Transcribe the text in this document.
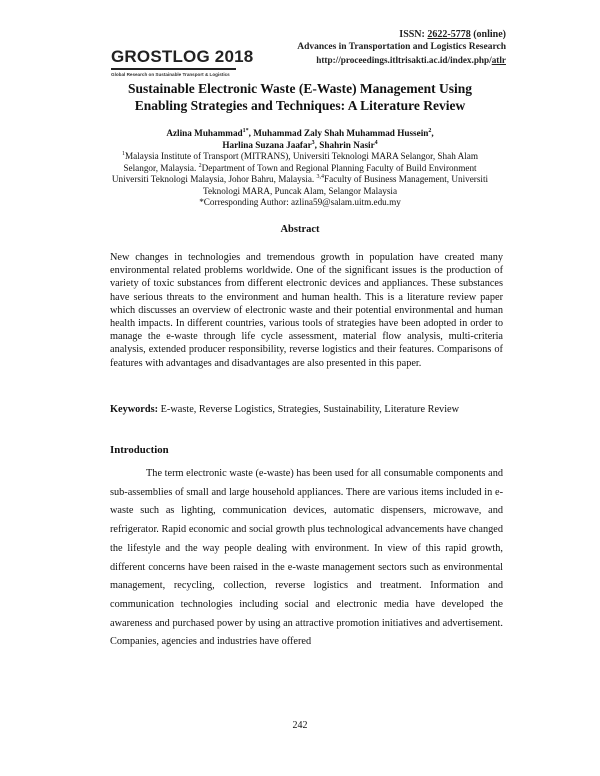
GROSTLOG 2018
Global Research on Sustainable Transport & Logistics
ISSN: 2622-5778 (online)
Advances in Transportation and Logistics Research
http://proceedings.itltrisakti.ac.id/index.php/atlr
Sustainable Electronic Waste (E-Waste) Management Using Enabling Strategies and Techniques: A Literature Review
Azlina Muhammad$^{1*}$, Muhammad Zaly Shah Muhammad Hussein$^2$,
Harlina Suzana Jaafar$^3$, Shahrin Nasir$^4$
$^1$Malaysia Institute of Transport (MITRANS), Universiti Teknologi MARA Selangor, Shah Alam Selangor, Malaysia. $^2$Department of Town and Regional Planning Faculty of Build Environment Universiti Teknologi Malaysia, Johor Bahru, Malaysia. $^{3,4}$Faculty of Business Management, Universiti Teknologi MARA, Puncak Alam, Selangor Malaysia
*Corresponding Author: azlina59@salam.uitm.edu.my
Abstract
New changes in technologies and tremendous growth in population have created many environmental related problems worldwide. One of the significant issues is the production of variety of toxic substances from different electronic devices and appliances. These substances have serious threats to the environment and human health. This is a literature review paper which discusses an overview of electronic waste and their potential environmental and human health impacts. In different countries, various tools of strategies have been adopted in order to manage the e-waste through life cycle assessment, material flow analysis, multi-criteria analysis, extended producer responsibility, reverse logistics and their features. Comparisons of features with advantages and disadvantages are also presented in this paper.
Keywords: E-waste, Reverse Logistics, Strategies, Sustainability, Literature Review
Introduction
The term electronic waste (e-waste) has been used for all consumable components and sub-assemblies of small and large household appliances. There are various items included in e-waste such as lighting, communication devices, automatic dispensers, microwave, and refrigerator. Rapid economic and social growth plus technological advancements have changed the lifestyle and the way people dealing with environment. In view of this rapid growth, different concerns have been raised in the e-waste management sectors such as environmental management, recycling, collection, reverse logistics and treatment. Information and communication technologies including social and electronic media have developed the awareness and purchased power by using an attractive promotion initiatives and advertisement. Companies, agencies and industries have offered
242
